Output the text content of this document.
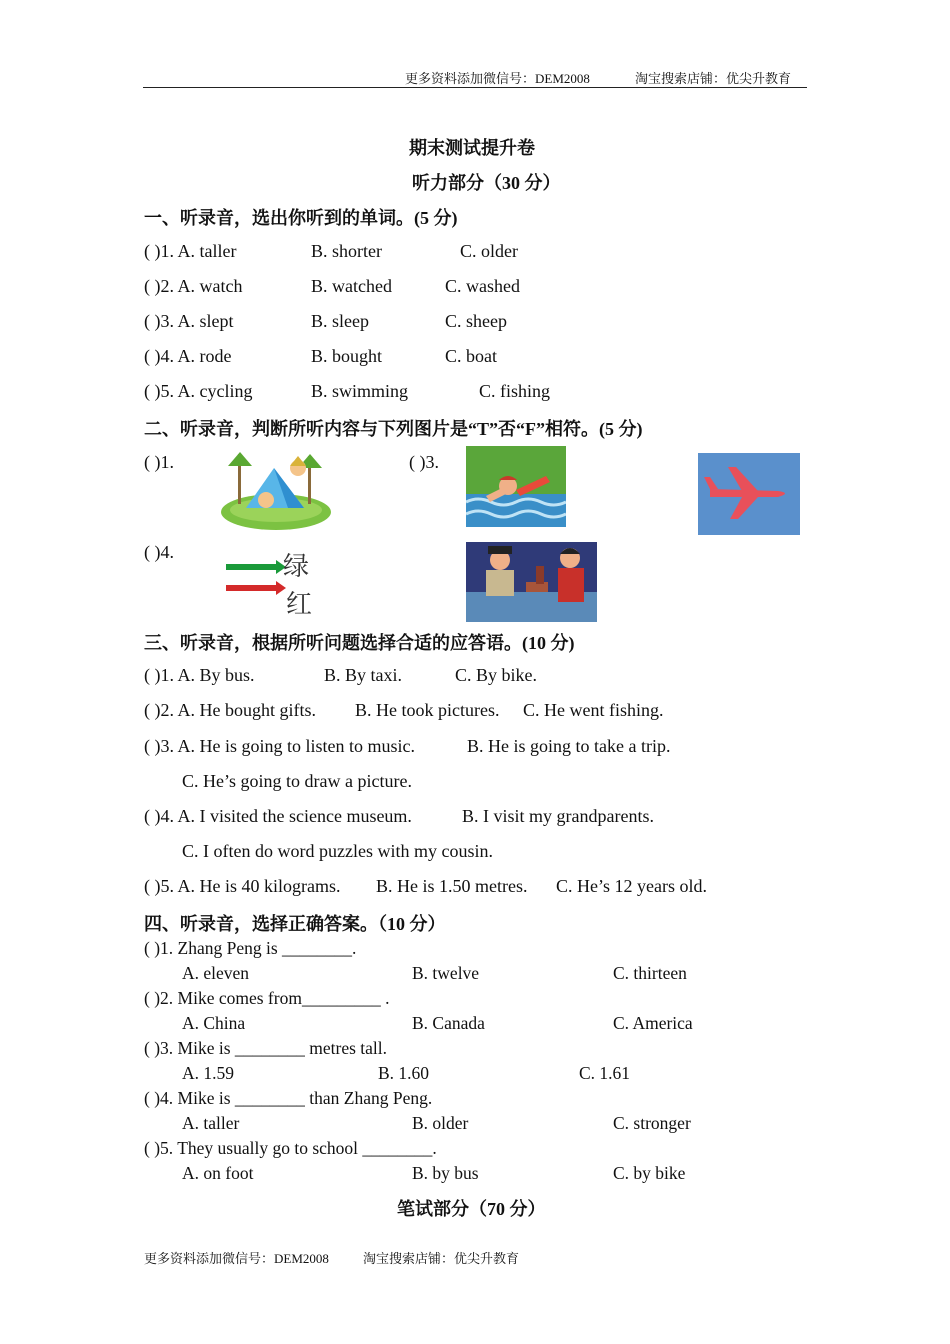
更多资料添加微信号：DEM2008	淘宝搜索店铺：优尖升教育
期末测试提升卷
听力部分（30 分）
一、听录音，选出你听到的单词。(5 分)
( )1. A. taller	B. shorter	C. older
( )2. A. watch	B. watched	C. washed
( )3. A. slept	B. sleep	C. sheep
( )4. A. rode	B. bought	C. boat
( )5. A. cycling	B. swimming	C. fishing
二、听录音，判断所听内容与下列图片是“T”否“F”相符。(5 分)
( )1.	( )3.
( )4.	绿
红
三、听录音，根据所听问题选择合适的应答语。(10 分)
( )1. A. By bus.	B. By taxi.	C. By bike.
( )2. A. He bought gifts. B. He took pictures. C. He went fishing.
( )3. A. He is going to listen to music.	B. He is going to take a trip.
C. He’s going to draw a picture.
( )4. A. I visited the science museum.	B. I visit my grandparents.
C. I often do word puzzles with my cousin.
( )5. A. He is 40 kilograms. B. He is 1.50 metres. C. He’s 12 years old.
四、听录音，选择正确答案。（10 分）
( )1. Zhang Peng is ________.
A. eleven	B. twelve	C. thirteen
( )2. Mike comes from_________ .
A. China	B. Canada	C. America
( )3. Mike is ________ metres tall.
A. 1.59	B. 1.60	C. 1.61
( )4. Mike is ________ than Zhang Peng.
A. taller	B. older	C. stronger
( )5. They usually go to school ________.
A. on foot	B. by bus	C. by bike
笔试部分（70 分）
更多资料添加微信号：DEM2008	淘宝搜索店铺：优尖升教育
